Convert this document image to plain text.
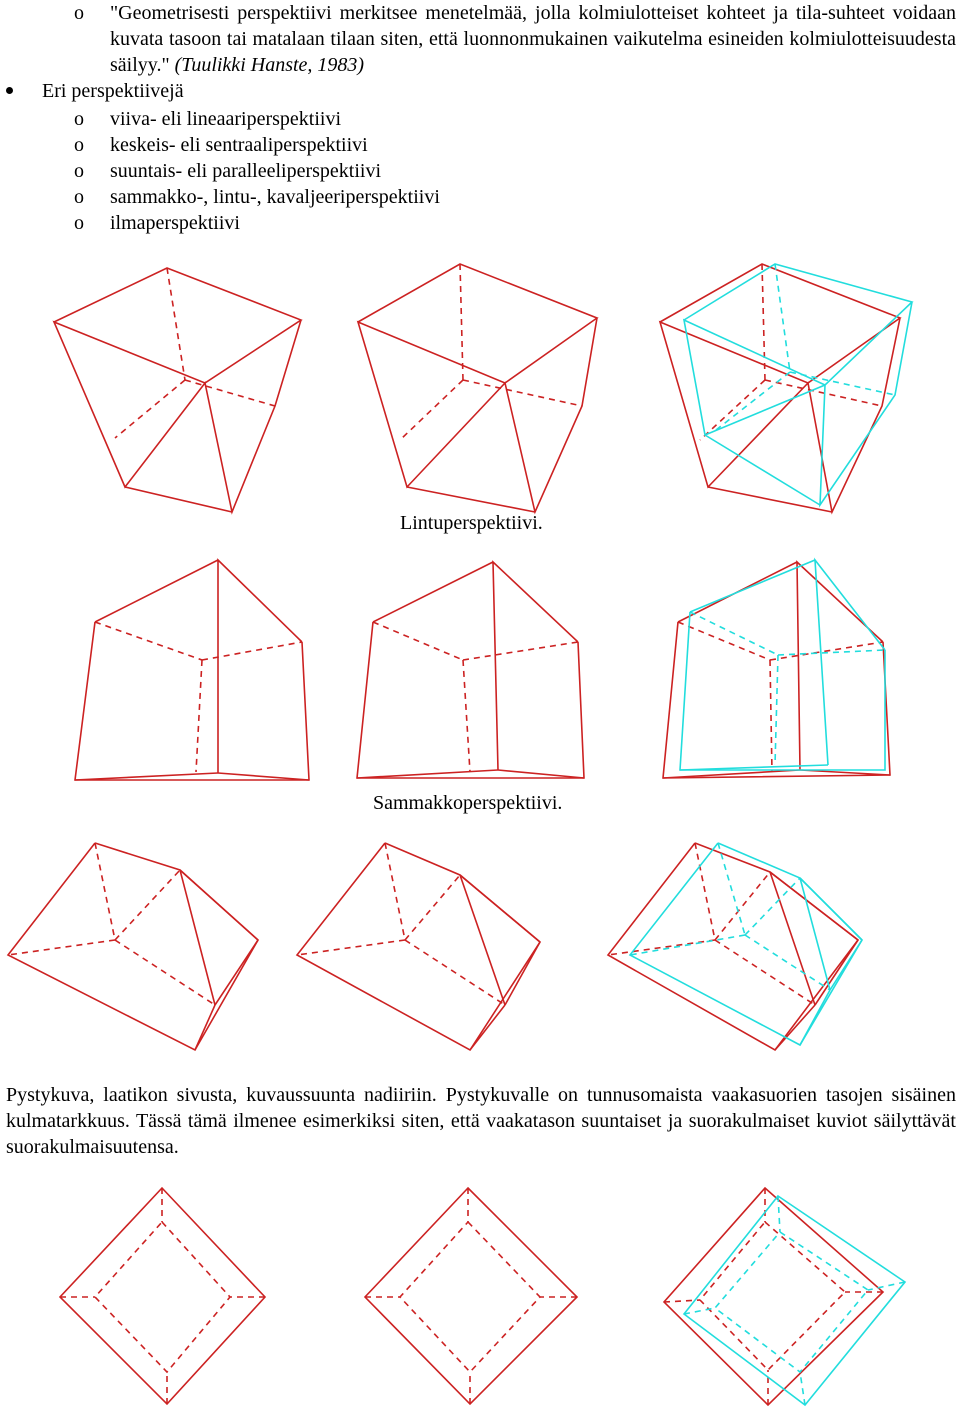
o "Geometrisesti perspektiivi merkitsee menetelmää, jolla kolmiulotteiset kohteet ja tila-suhteet voidaan kuvata tasoon tai matalaan tilaan siten, että luonnonmukainen vaikutelma esineiden kolmiulotteisuudesta säilyy." (Tuulikki Hanste, 1983)
Eri perspektiivejä
o viiva- eli lineaariperspektiivi
o keskeis- eli sentraaliperspektiivi
o suuntais- eli paralleeliperspektiivi
o sammakko-, lintu-, kavaljeeriperspektiivi
o ilmaperspektiivi
Lintuperspektiivi.
Sammakkoperspektiivi.
Pystykuva, laatikon sivusta, kuvaussuunta nadiiriin. Pystykuvalle on tunnusomaista vaakasuorien tasojen sisäinen kulmatarkkuus. Tässä tämä ilmenee esimerkiksi siten, että vaakatason suuntaiset ja suorakulmaiset kuviot säilyttävät suorakulmaisuutensa.
